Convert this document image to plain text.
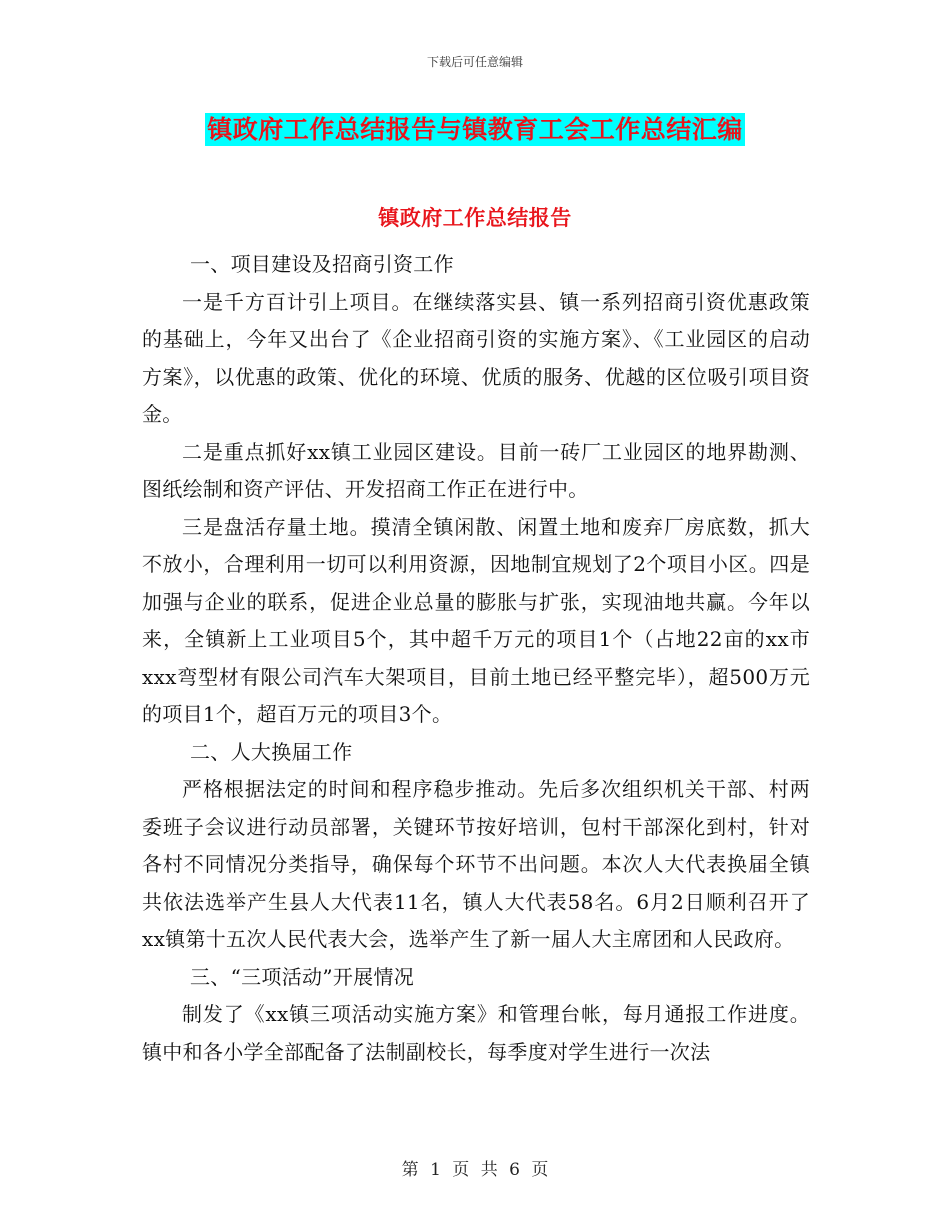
下载后可任意编辑
镇政府工作总结报告与镇教育工会工作总结汇编
镇政府工作总结报告

一、项目建设及招商引资工作

一是千方百计引上项目。在继续落实县、镇一系列招商引资优惠政策的基础上，今年又出台了《企业招商引资的实施方案》、《工业园区的启动方案》，以优惠的政策、优化的环境、优质的服务、优越的区位吸引项目资金。

二是重点抓好xx镇工业园区建设。目前一砖厂工业园区的地界勘测、图纸绘制和资产评估、开发招商工作正在进行中。

三是盘活存量土地。摸清全镇闲散、闲置土地和废弃厂房底数，抓大不放小，合理利用一切可以利用资源，因地制宜规划了2个项目小区。四是加强与企业的联系，促进企业总量的膨胀与扩张，实现油地共赢。今年以来，全镇新上工业项目5个，其中超千万元的项目1个（占地22亩的xx市xxx弯型材有限公司汽车大架项目，目前土地已经平整完毕），超500万元的项目1个，超百万元的项目3个。

二、人大换届工作

严格根据法定的时间和程序稳步推动。先后多次组织机关干部、村两委班子会议进行动员部署，关键环节按好培训，包村干部深化到村，针对各村不同情况分类指导，确保每个环节不出问题。本次人大代表换届全镇共依法选举产生县人大代表11名，镇人大代表58名。6月2日顺利召开了xx镇第十五次人民代表大会，选举产生了新一届人大主席团和人民政府。

三、“三项活动”开展情况

制发了《xx镇三项活动实施方案》和管理台帐，每月通报工作进度。镇中和各小学全部配备了法制副校长，每季度对学生进行一次法

第 1 页 共 6 页
